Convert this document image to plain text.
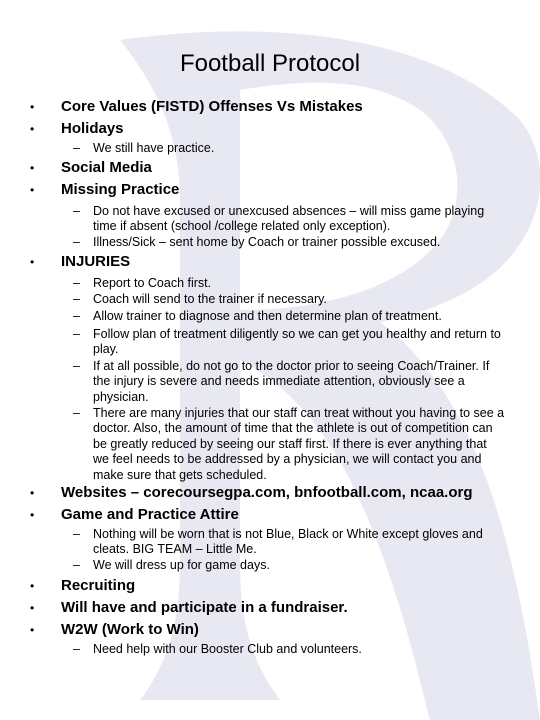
Football Protocol
•	Core Values (FISTD) Offenses Vs Mistakes
•	Holidays
– We still have practice.
•	Social Media
•	Missing Practice
– Do not have excused or unexcused absences – will miss game playing time if absent (school /college related only exception).
– Illness/Sick – sent home by Coach or trainer possible excused.
•	INJURIES
– Report to Coach first.
– Coach will send to the trainer if necessary.
– Allow trainer to diagnose and then determine plan of treatment.
– Follow plan of treatment diligently so we can get you healthy and return to play.
– If at all possible, do not go to the doctor prior to seeing Coach/Trainer. If the injury is severe and needs immediate attention, obviously see a physician.
– There are many injuries that our staff can treat without you having to see a doctor. Also, the amount of time that the athlete is out of competition can be greatly reduced by seeing our staff first. If there is ever anything that we feel needs to be addressed by a physician, we will contact you and make sure that gets scheduled.
•	Websites – corecoursegpa.com, bnfootball.com, ncaa.org
•	Game and Practice Attire
– Nothing will be worn that is not Blue, Black or White except gloves and cleats. BIG TEAM – Little Me.
– We will dress up for game days.
•	Recruiting
•	Will have and participate in a fundraiser.
•	W2W (Work to Win)
– Need help with our Booster Club and volunteers.
